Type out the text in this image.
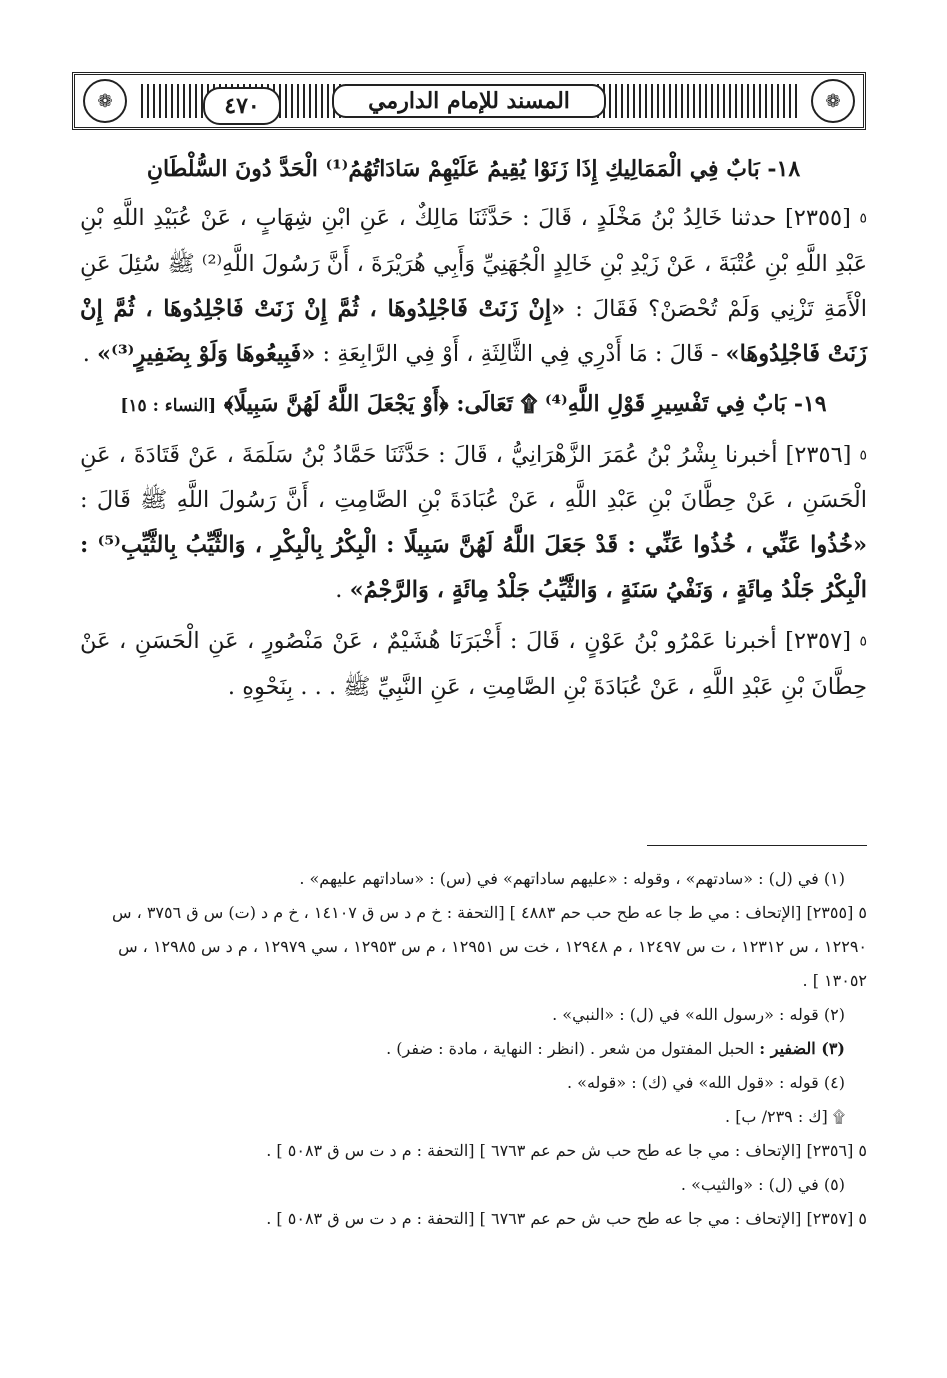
❁	المسند للإمام الدارمي
٤٧٠	❁
١٨- بَابٌ فِي الْمَمَالِيكِ إِذَا زَنَوْا يُقِيمُ عَلَيْهِمْ سَادَاتُهُمُ⁽¹⁾ الْحَدَّ دُونَ السُّلْطَانِ

٥ [٢٣٥٥] حدثنا خَالِدُ بْنُ مَخْلَدٍ ، قَالَ : حَدَّثَنَا مَالِكٌ ، عَنِ ابْنِ شِهَابٍ ، عَنْ عُبَيْدِ اللَّهِ بْنِ عَبْدِ اللَّهِ بْنِ عُتْبَةَ ، عَنْ زَيْدِ بْنِ خَالِدٍ الْجُهَنِيِّ وَأَبِي هُرَيْرَةَ ، أَنَّ رَسُولَ اللَّهِ⁽²⁾ ﷺ سُئِلَ عَنِ الْأَمَةِ تَزْنِي وَلَمْ تُحْصَنْ؟ فَقَالَ : «إِنْ زَنَتْ فَاجْلِدُوهَا ، ثُمَّ إِنْ زَنَتْ فَاجْلِدُوهَا ، ثُمَّ إِنْ زَنَتْ فَاجْلِدُوهَا» - قَالَ : مَا أَدْرِي فِي الثَّالِثَةِ ، أَوْ فِي الرَّابِعَةِ : «فَبِيعُوهَا وَلَوْ بِضَفِيرٍ⁽³⁾» .

١٩- بَابٌ فِي تَفْسِيرِ قَوْلِ اللَّهِ⁽⁴⁾ ۩ تَعَالَى: ﴿أَوْ يَجْعَلَ اللَّهُ لَهُنَّ سَبِيلًا﴾ [النساء : ١٥]

٥ [٢٣٥٦] أخبرنا بِشْرُ بْنُ عُمَرَ الزَّهْرَانِيُّ ، قَالَ : حَدَّثَنَا حَمَّادُ بْنُ سَلَمَةَ ، عَنْ قَتَادَةَ ، عَنِ الْحَسَنِ ، عَنْ حِطَّانَ بْنِ عَبْدِ اللَّهِ ، عَنْ عُبَادَةَ بْنِ الصَّامِتِ ، أَنَّ رَسُولَ اللَّهِ ﷺ قَالَ : «خُذُوا عَنِّي ، خُذُوا عَنِّي : قَدْ جَعَلَ اللَّهُ لَهُنَّ سَبِيلًا : الْبِكْرُ بِالْبِكْرِ ، وَالثَّيِّبُ بِالثَّيِّبِ⁽⁵⁾ : الْبِكْرُ جَلْدُ مِائَةٍ ، وَنَفْيُ سَنَةٍ ، وَالثَّيِّبُ جَلْدُ مِائَةٍ ، وَالرَّجْمُ» .

٥ [٢٣٥٧] أخبرنا عَمْرُو بْنُ عَوْنٍ ، قَالَ : أَخْبَرَنَا هُشَيْمٌ ، عَنْ مَنْصُورٍ ، عَنِ الْحَسَنِ ، عَنْ حِطَّانَ بْنِ عَبْدِ اللَّهِ ، عَنْ عُبَادَةَ بْنِ الصَّامِتِ ، عَنِ النَّبِيِّ ﷺ . . . بِنَحْوِهِ .

(١) في (ل) : «سادتهم» ، وقوله : «عليهم ساداتهم» في (س) : «ساداتهم عليهم» .

٥ [٢٣٥٥] [الإتحاف : مي ط جا عه طح حب حم ٤٨٨٣ ] [التحفة : خ م د س ق ١٤١٠٧ ، خ م د (ت) س ق ٣٧٥٦ ، س ١٢٢٩٠ ، س ١٢٣١٢ ، ت س ١٢٤٩٧ ، م ١٢٩٤٨ ، خت س ١٢٩٥١ ، م س ١٢٩٥٣ ، سي ١٢٩٧٩ ، م د س ١٢٩٨٥ ، س ١٣٠٥٢ ] .

(٢) قوله : «رسول الله» في (ل) : «النبي» .

(٣) الضفير : الحبل المفتول من شعر . (انظر : النهاية ، مادة : ضفر) .

(٤) قوله : «قول الله» في (ك) : «قوله» .

۩ [ك : ٢٣٩/ ب] .

٥ [٢٣٥٦] [الإتحاف : مي جا عه طح حب ش حم عم ٦٧٦٣ ] [التحفة : م د ت س ق ٥٠٨٣ ] .

(٥) في (ل) : «والثيب» .

٥ [٢٣٥٧] [الإتحاف : مي جا عه طح حب ش حم عم ٦٧٦٣ ] [التحفة : م د ت س ق ٥٠٨٣ ] .
